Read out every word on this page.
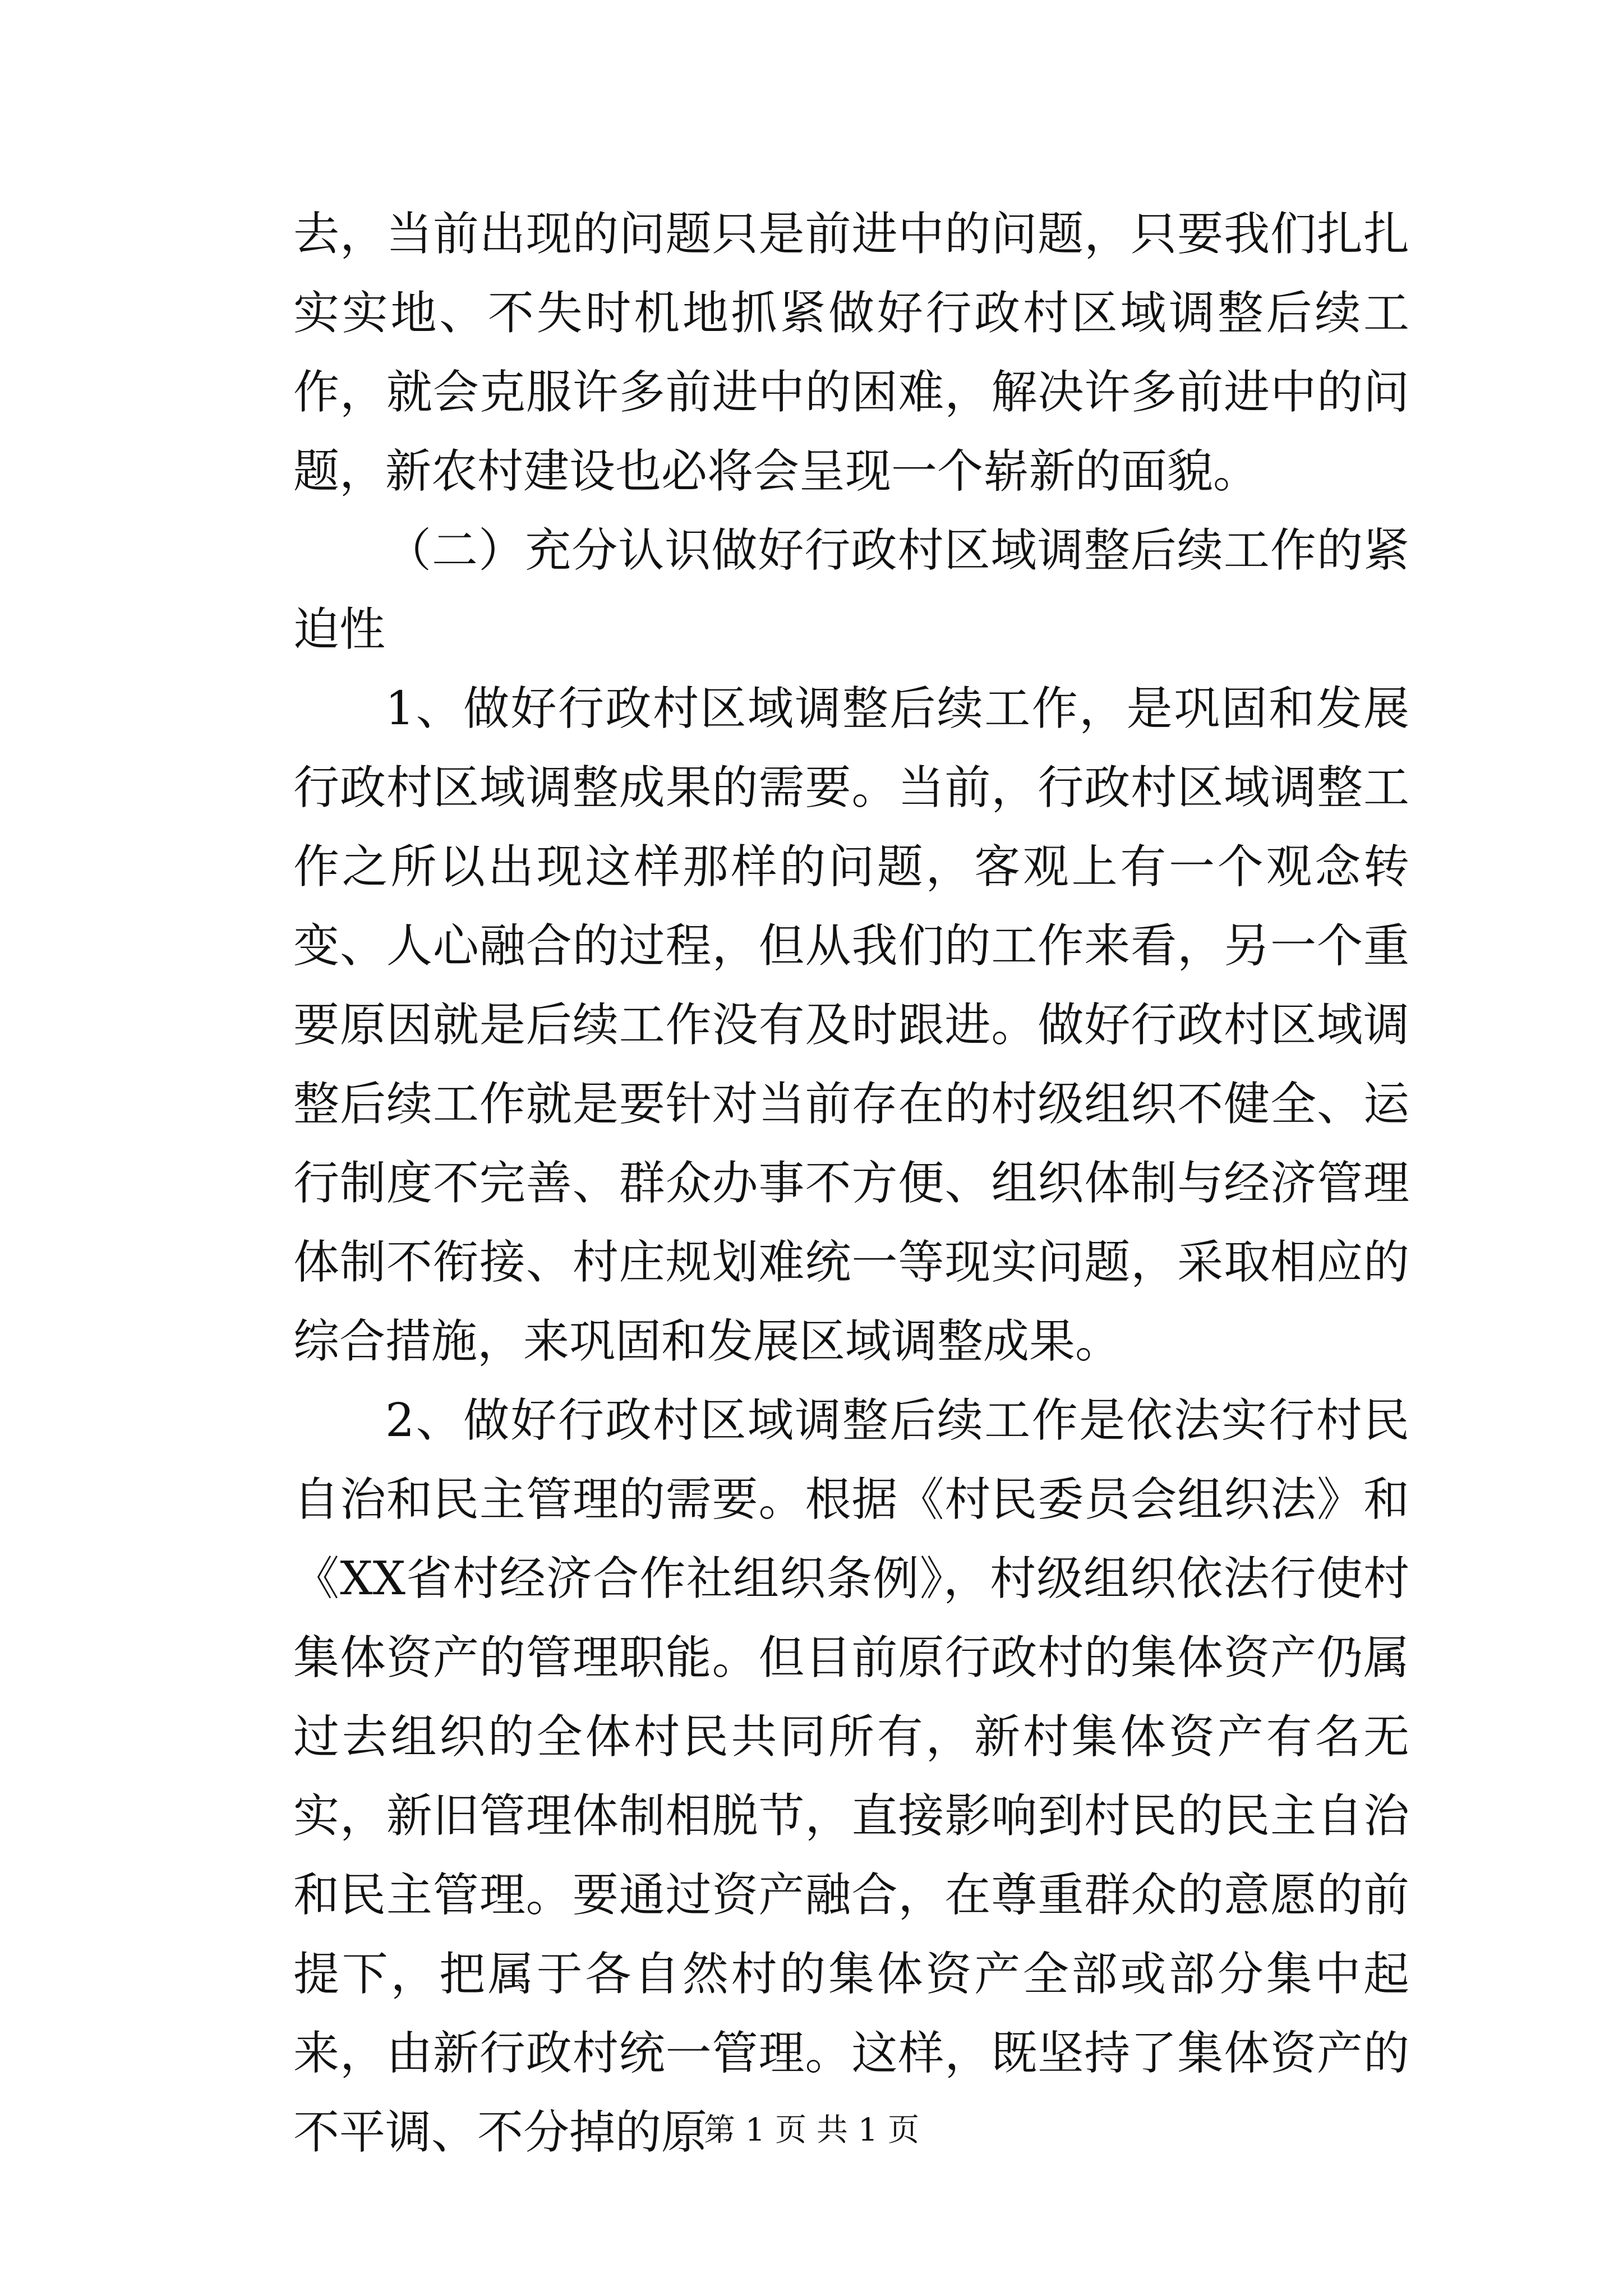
去，当前出现的问题只是前进中的问题，只要我们扎扎实实地、不失时机地抓紧做好行政村区域调整后续工作，就会克服许多前进中的困难，解决许多前进中的问题，新农村建设也必将会呈现一个崭新的面貌。

（二）充分认识做好行政村区域调整后续工作的紧迫性

1、做好行政村区域调整后续工作，是巩固和发展行政村区域调整成果的需要。当前，行政村区域调整工作之所以出现这样那样的问题，客观上有一个观念转变、人心融合的过程，但从我们的工作来看，另一个重要原因就是后续工作没有及时跟进。做好行政村区域调整后续工作就是要针对当前存在的村级组织不健全、运行制度不完善、群众办事不方便、组织体制与经济管理体制不衔接、村庄规划难统一等现实问题，采取相应的综合措施，来巩固和发展区域调整成果。

2、做好行政村区域调整后续工作是依法实行村民自治和民主管理的需要。根据《村民委员会组织法》和《XX省村经济合作社组织条例》，村级组织依法行使村集体资产的管理职能。但目前原行政村的集体资产仍属过去组织的全体村民共同所有，新村集体资产有名无实，新旧管理体制相脱节，直接影响到村民的民主自治和民主管理。要通过资产融合，在尊重群众的意愿的前提下，把属于各自然村的集体资产全部或部分集中起来，由新行政村统一管理。这样，既坚持了集体资产的不平调、不分掉的原

第 1 页 共 1 页
